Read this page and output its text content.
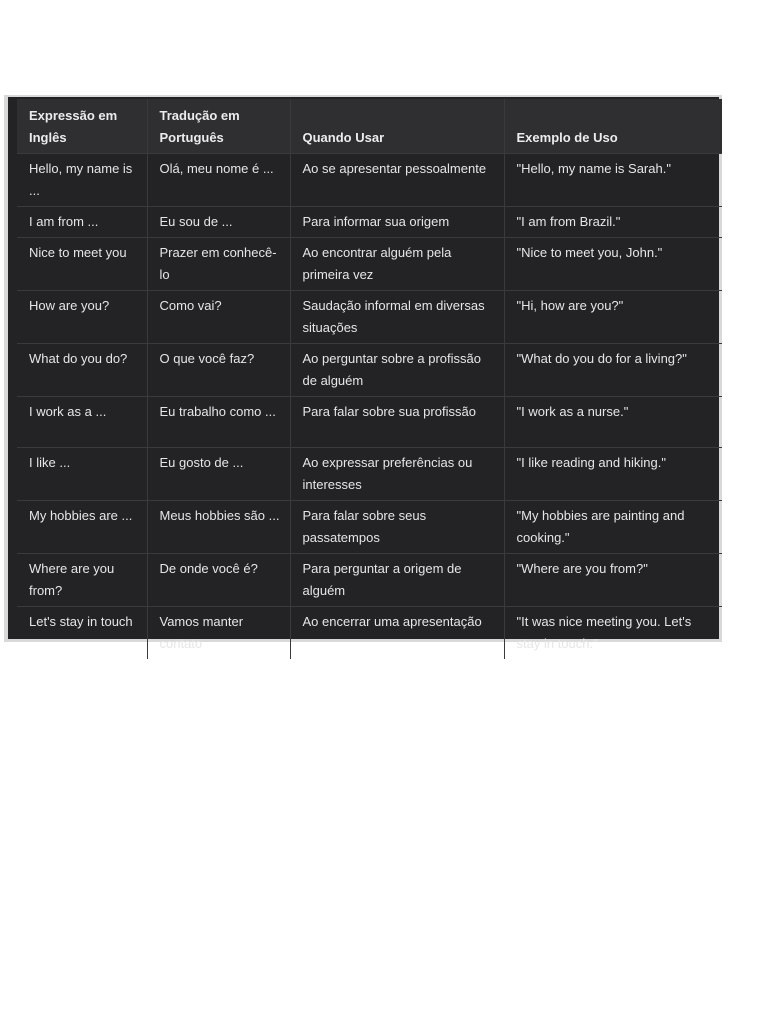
Expressão em Inglês	Tradução em Português	Quando Usar	Exemplo de Uso
Hello, my name is ...	Olá, meu nome é ...	Ao se apresentar pessoalmente	"Hello, my name is Sarah."
I am from ...	Eu sou de ...	Para informar sua origem	"I am from Brazil."
Nice to meet you	Prazer em conhecê-lo	Ao encontrar alguém pela primeira vez	"Nice to meet you, John."
How are you?	Como vai?	Saudação informal em diversas situações	"Hi, how are you?"
What do you do?	O que você faz?	Ao perguntar sobre a profissão de alguém	"What do you do for a living?"
I work as a ...	Eu trabalho como ...	Para falar sobre sua profissão	"I work as a nurse."
I like ...	Eu gosto de ...	Ao expressar preferências ou interesses	"I like reading and hiking."
My hobbies are ...	Meus hobbies são ...	Para falar sobre seus passatempos	"My hobbies are painting and cooking."
Where are you from?	De onde você é?	Para perguntar a origem de alguém	"Where are you from?"
Let's stay in touch	Vamos manter contato	Ao encerrar uma apresentação	"It was nice meeting you. Let's stay in touch."
